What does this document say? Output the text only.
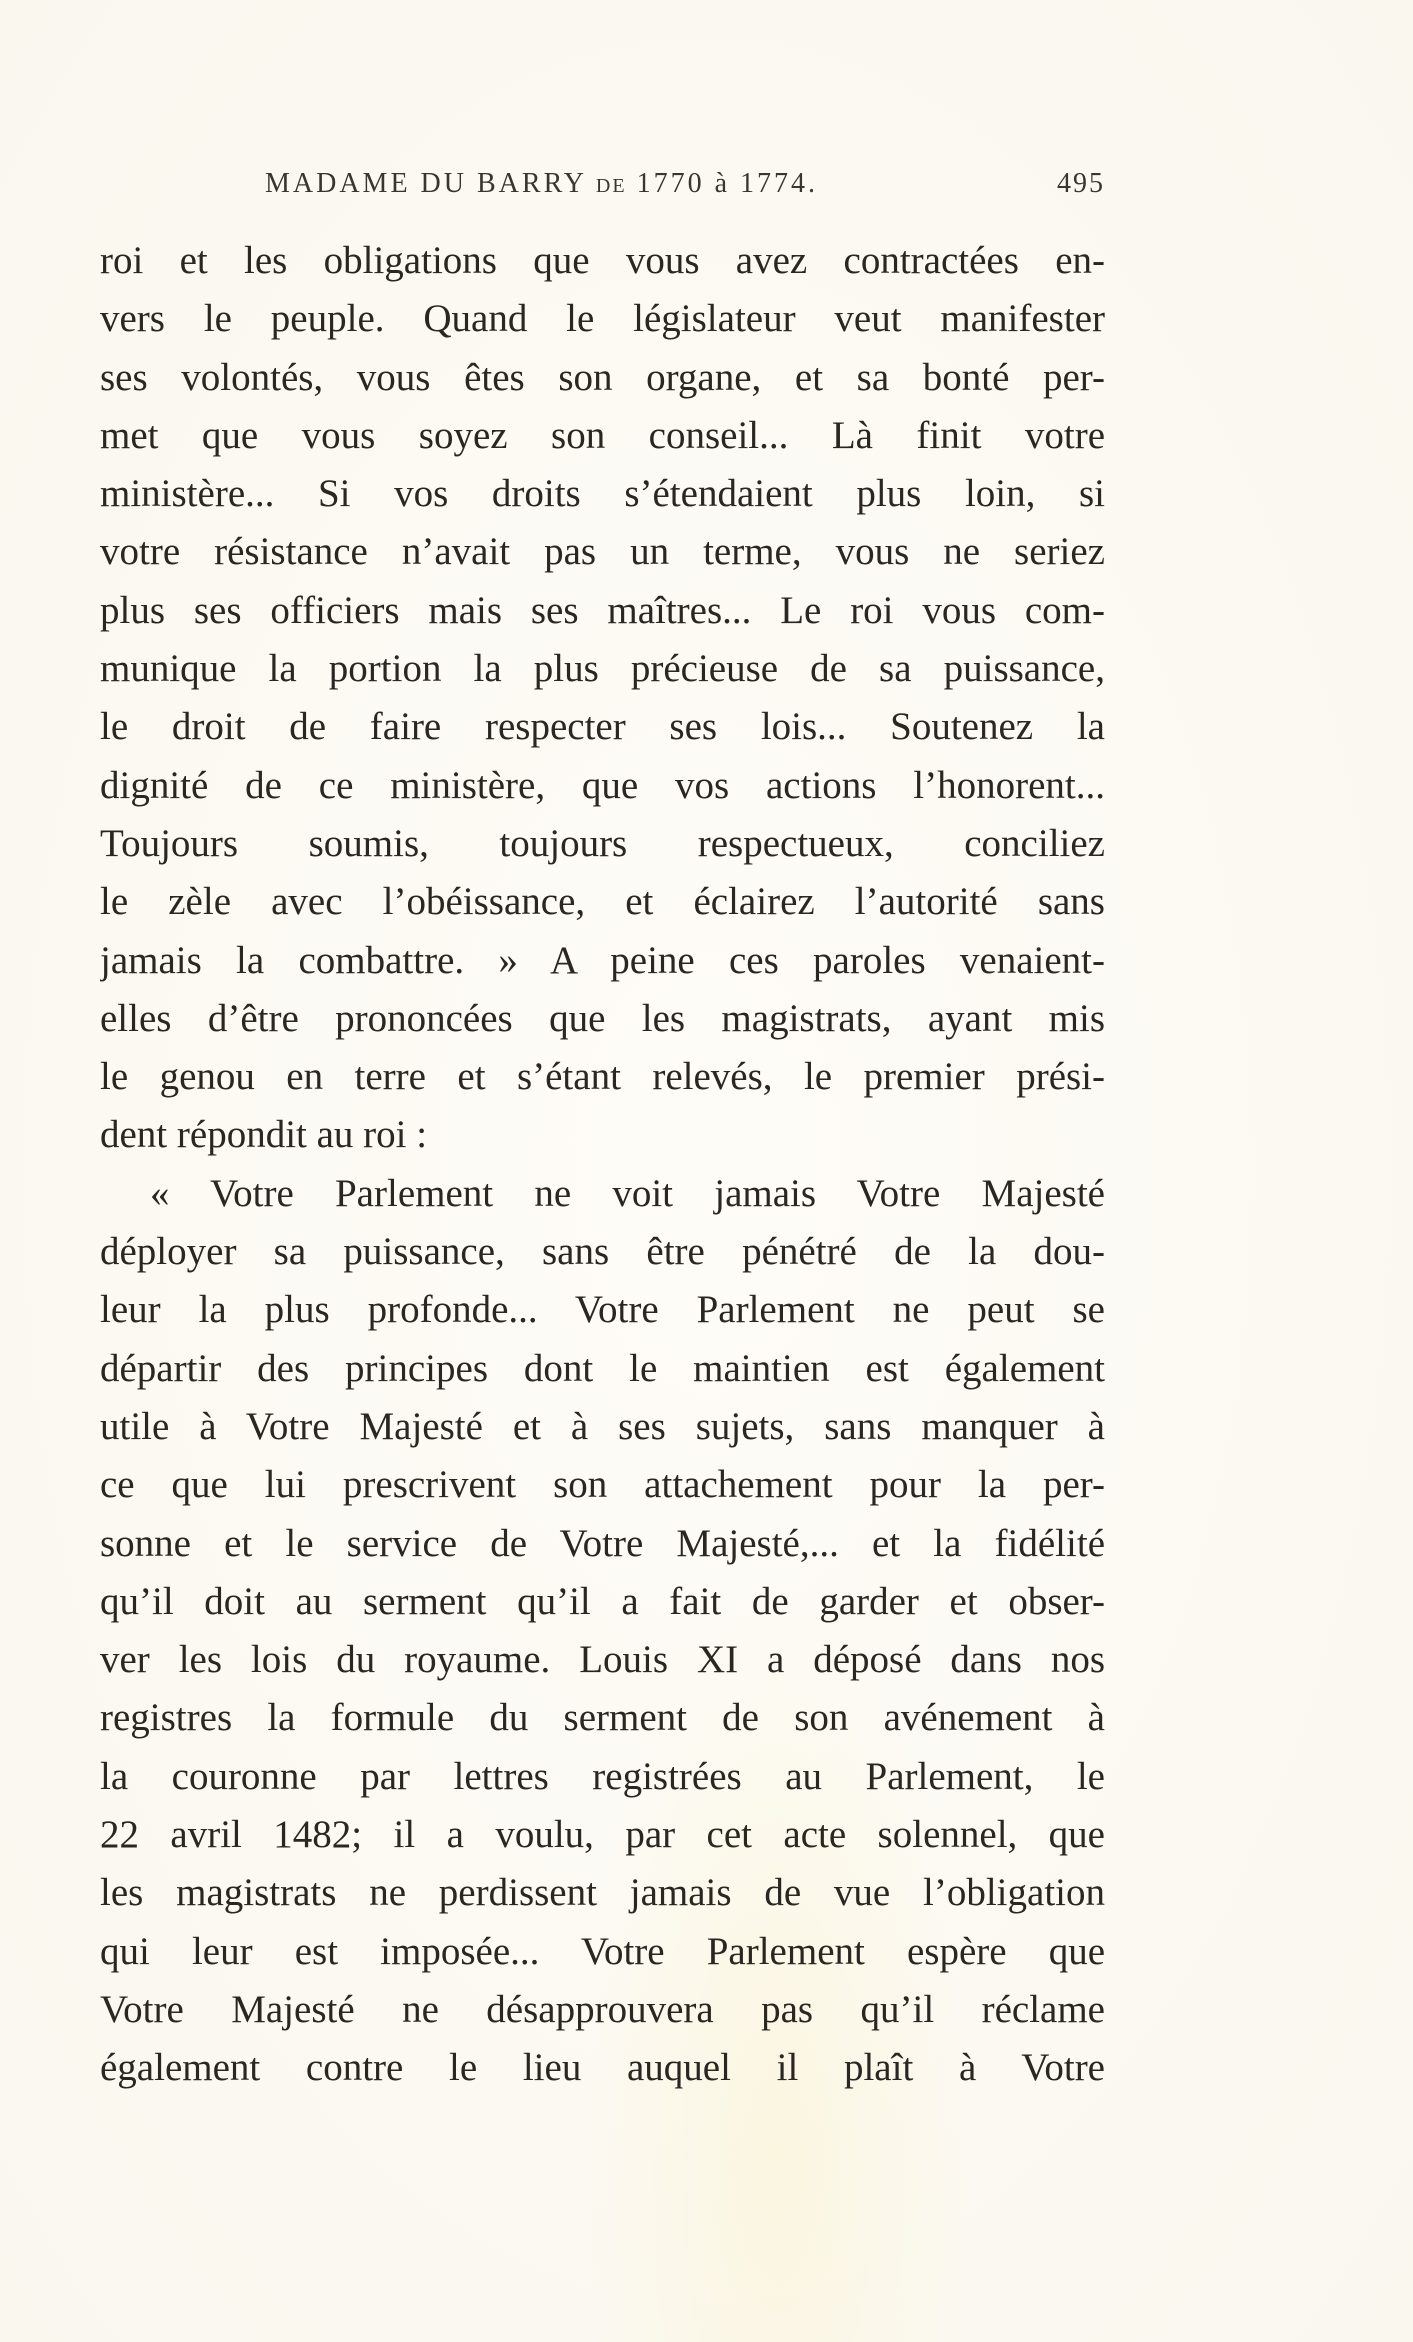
MADAME DU BARRY DE 1770 à 1774.	495
roi et les obligations que vous avez contractées en-
vers le peuple. Quand le législateur veut manifester
ses volontés, vous êtes son organe, et sa bonté per-
met que vous soyez son conseil... Là finit votre
ministère... Si vos droits s’étendaient plus loin, si
votre résistance n’avait pas un terme, vous ne seriez
plus ses officiers mais ses maîtres... Le roi vous com-
munique la portion la plus précieuse de sa puissance,
le droit de faire respecter ses lois... Soutenez la
dignité de ce ministère, que vos actions l’honorent...
Toujours soumis, toujours respectueux, conciliez
le zèle avec l’obéissance, et éclairez l’autorité sans
jamais la combattre. » A peine ces paroles venaient-
elles d’être prononcées que les magistrats, ayant mis
le genou en terre et s’étant relevés, le premier prési-
dent répondit au roi :
« Votre Parlement ne voit jamais Votre Majesté
déployer sa puissance, sans être pénétré de la dou-
leur la plus profonde... Votre Parlement ne peut se
départir des principes dont le maintien est également
utile à Votre Majesté et à ses sujets, sans manquer à
ce que lui prescrivent son attachement pour la per-
sonne et le service de Votre Majesté,... et la fidélité
qu’il doit au serment qu’il a fait de garder et obser-
ver les lois du royaume. Louis XI a déposé dans nos
registres la formule du serment de son avénement à
la couronne par lettres registrées au Parlement, le
22 avril 1482; il a voulu, par cet acte solennel, que
les magistrats ne perdissent jamais de vue l’obligation
qui leur est imposée... Votre Parlement espère que
Votre Majesté ne désapprouvera pas qu’il réclame
également contre le lieu auquel il plaît à Votre
